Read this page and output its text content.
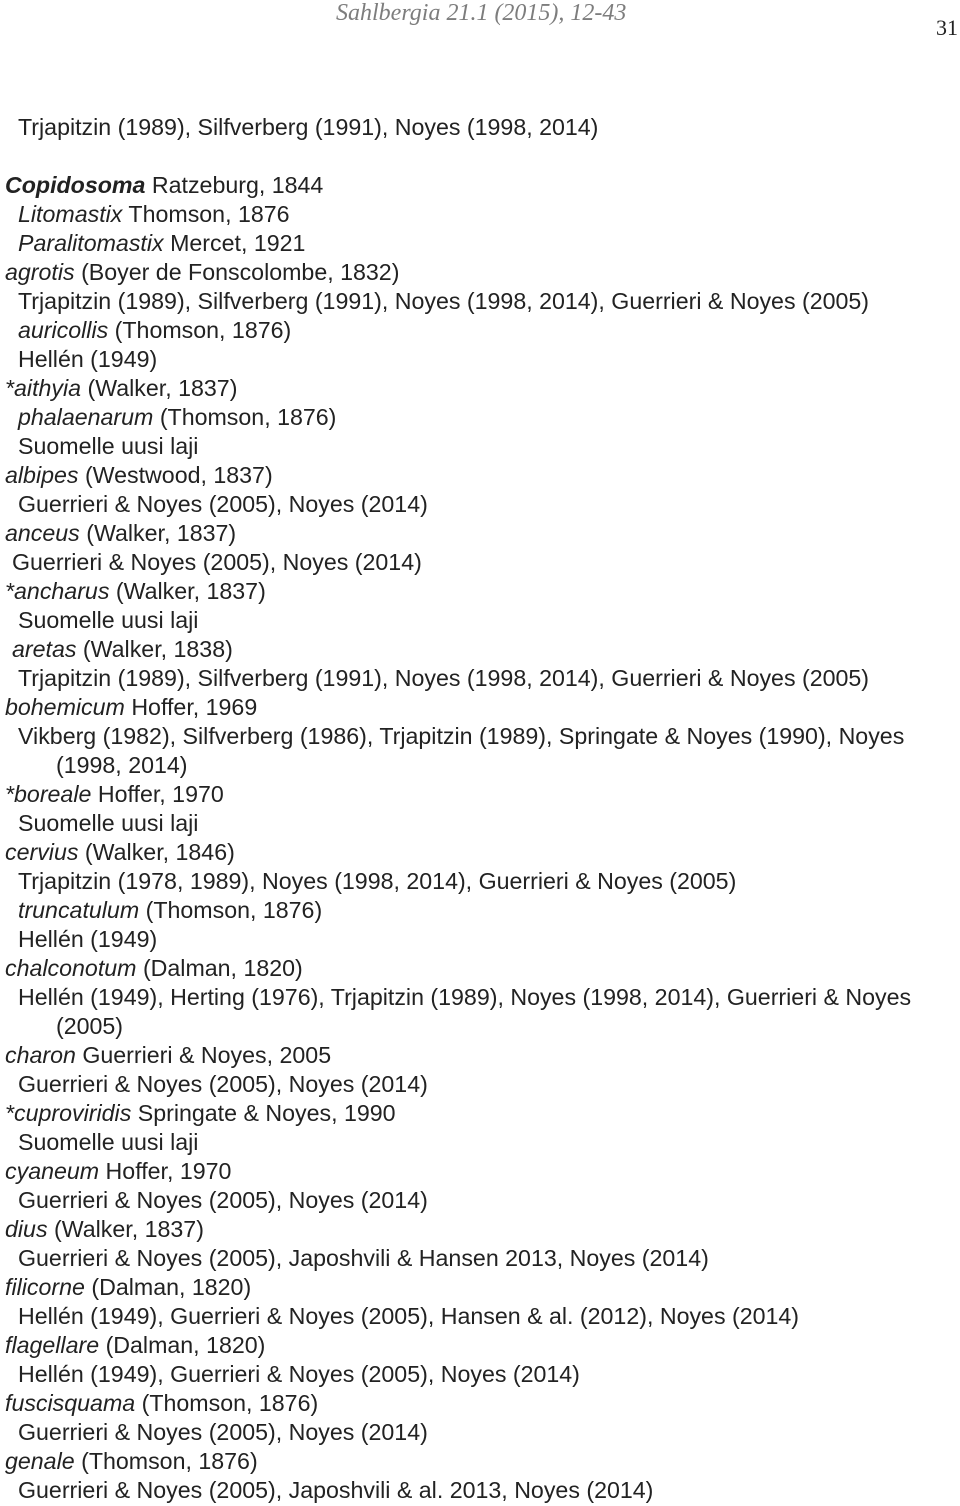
Sahlbergia 21.1 (2015), 12-43
31
Trjapitzin (1989), Silfverberg (1991), Noyes (1998, 2014)
Copidosoma Ratzeburg, 1844
Litomastix Thomson, 1876
Paralitomastix Mercet, 1921
agrotis (Boyer de Fonscolombe, 1832)
Trjapitzin (1989), Silfverberg (1991), Noyes (1998, 2014), Guerrieri & Noyes (2005)
auricollis (Thomson, 1876)
Hellén (1949)
*aithyia (Walker, 1837)
phalaenarum (Thomson, 1876)
Suomelle uusi laji
albipes (Westwood, 1837)
Guerrieri & Noyes (2005), Noyes (2014)
anceus (Walker, 1837)
Guerrieri & Noyes (2005), Noyes (2014)
*ancharus (Walker, 1837)
Suomelle uusi laji
aretas (Walker, 1838)
Trjapitzin (1989), Silfverberg (1991), Noyes (1998, 2014), Guerrieri & Noyes (2005)
bohemicum Hoffer, 1969
Vikberg (1982), Silfverberg (1986), Trjapitzin (1989), Springate & Noyes (1990), Noyes (1998, 2014)
*boreale Hoffer, 1970
Suomelle uusi laji
cervius (Walker, 1846)
Trjapitzin (1978, 1989), Noyes (1998, 2014), Guerrieri & Noyes (2005)
truncatulum (Thomson, 1876)
Hellén (1949)
chalconotum (Dalman, 1820)
Hellén (1949), Herting (1976), Trjapitzin (1989), Noyes (1998, 2014), Guerrieri & Noyes (2005)
charon Guerrieri & Noyes, 2005
Guerrieri & Noyes (2005), Noyes (2014)
*cuproviridis Springate & Noyes, 1990
Suomelle uusi laji
cyaneum Hoffer, 1970
Guerrieri & Noyes (2005), Noyes (2014)
dius (Walker, 1837)
Guerrieri & Noyes (2005), Japoshvili & Hansen 2013, Noyes (2014)
filicorne (Dalman, 1820)
Hellén (1949), Guerrieri & Noyes (2005), Hansen & al. (2012), Noyes (2014)
flagellare (Dalman, 1820)
Hellén (1949), Guerrieri & Noyes (2005), Noyes (2014)
fuscisquama (Thomson, 1876)
Guerrieri & Noyes (2005), Noyes (2014)
genale (Thomson, 1876)
Guerrieri & Noyes (2005), Japoshvili & al. 2013, Noyes (2014)
